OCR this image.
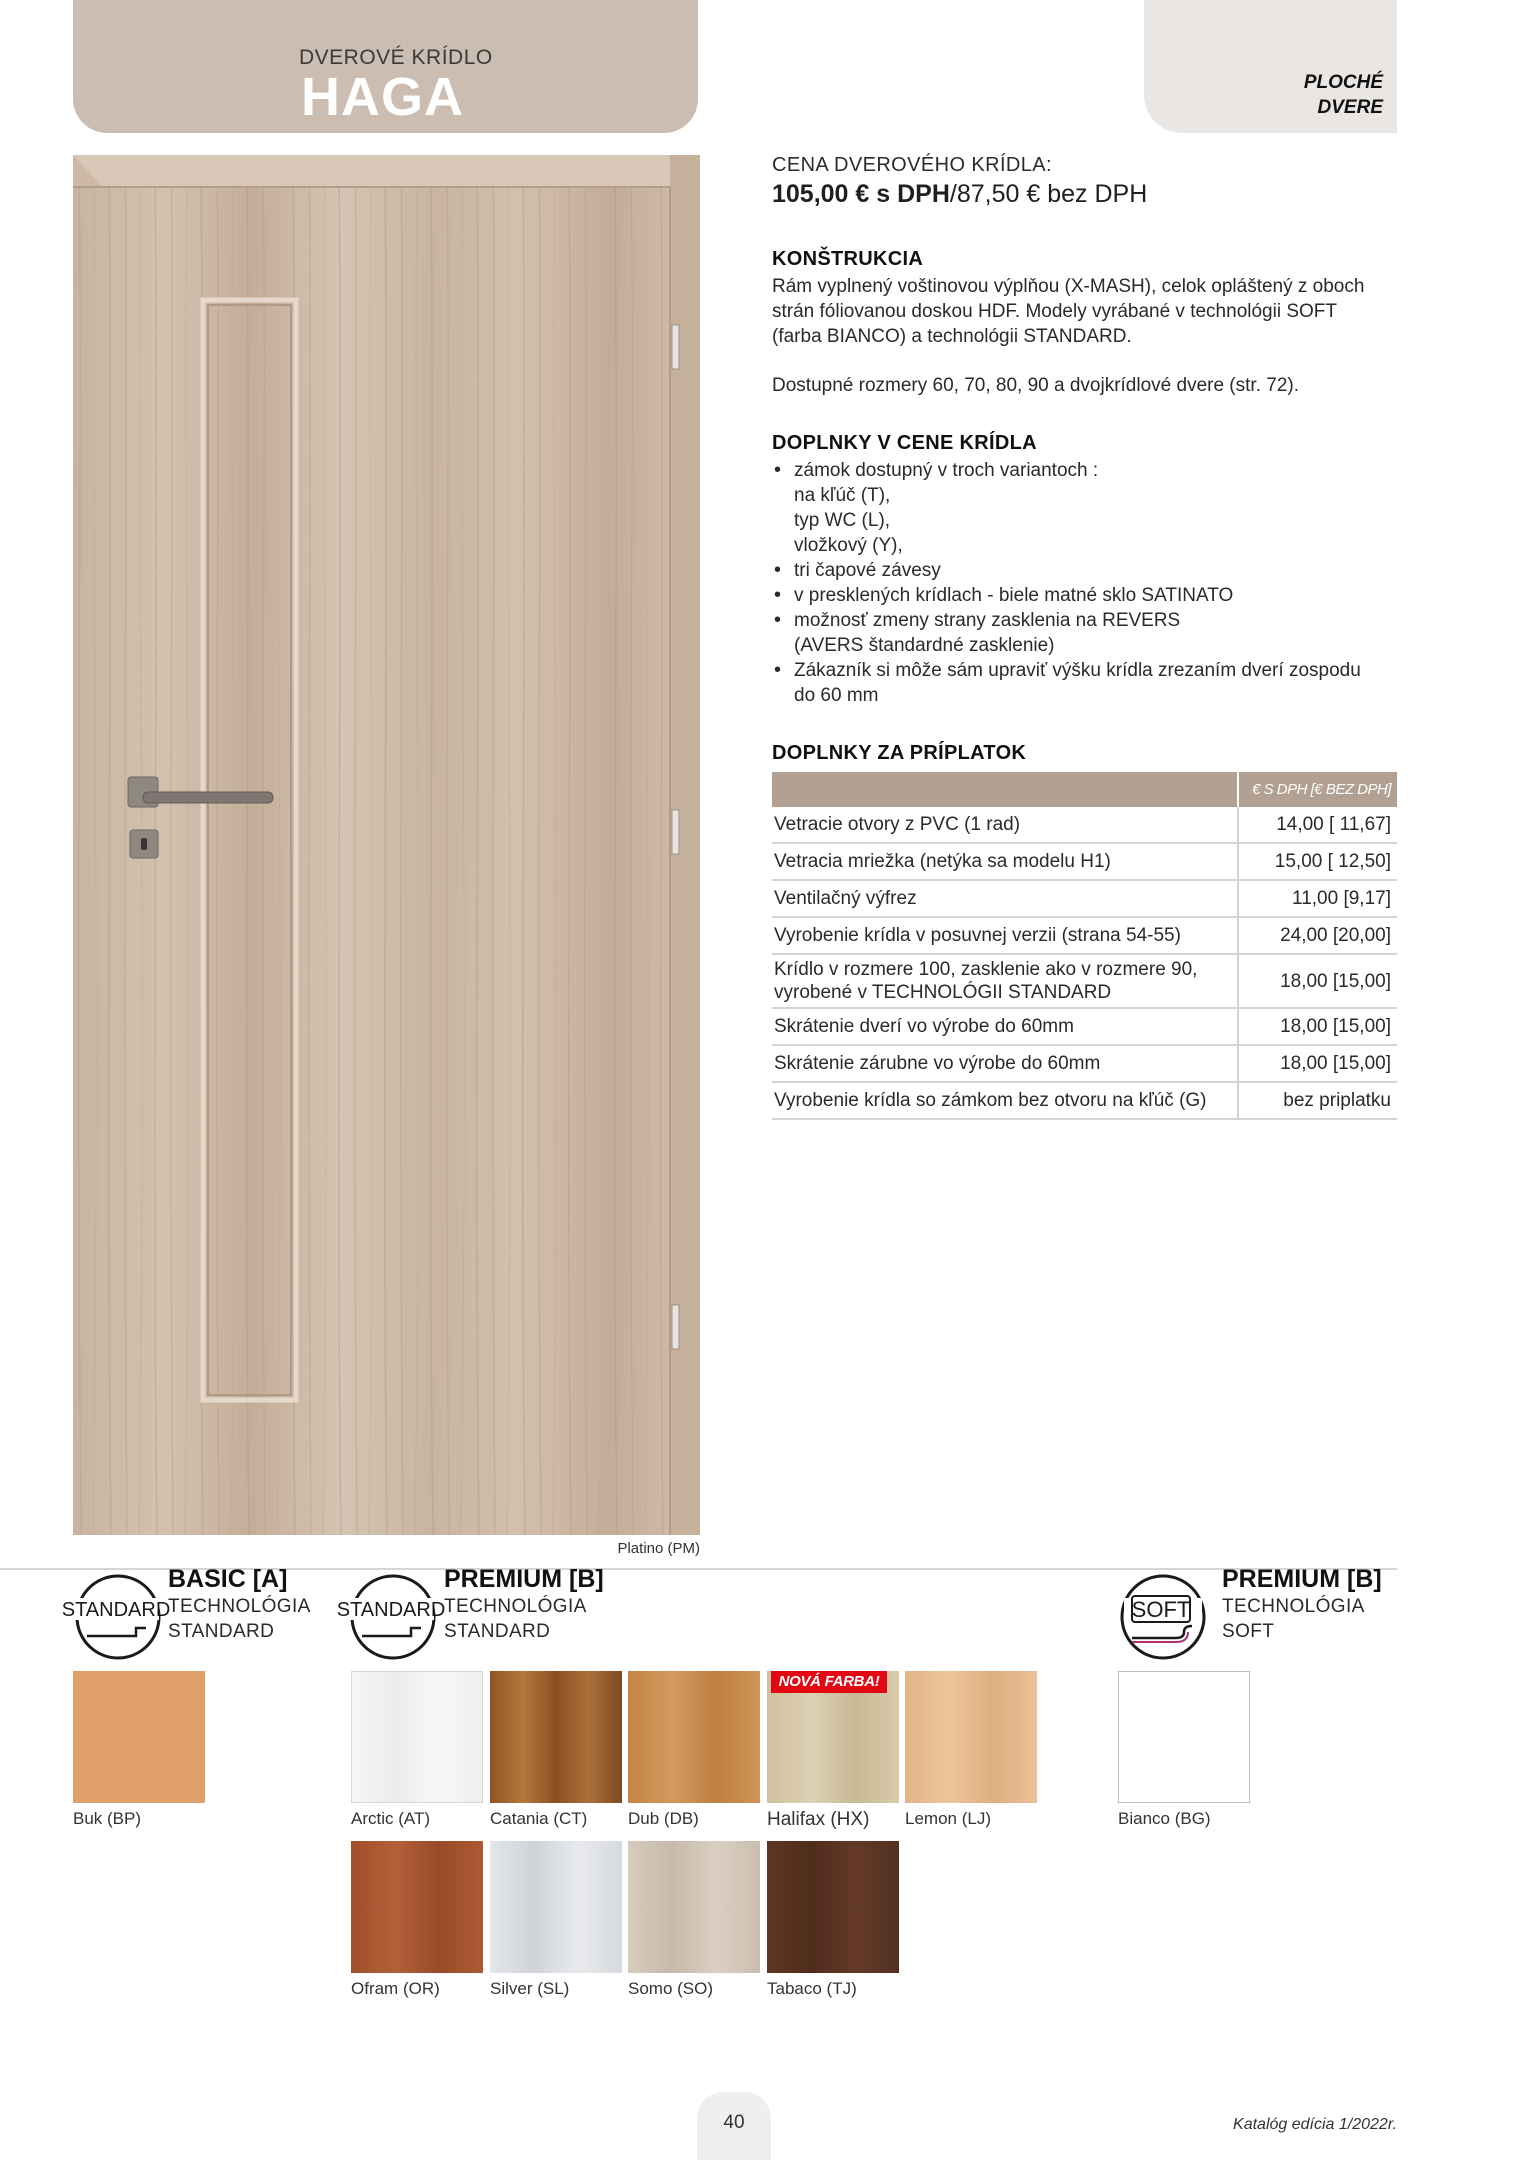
DVEROVÉ KRÍDLO
HAGA	PLOCHÉ
DVERE
Platino (PM)
CENA DVEROVÉHO KRÍDLA:
105,00 € s DPH/87,50 € bez DPH
KONŠTRUKCIA
Rám vyplnený voštinovou výplňou (X-MASH), celok opláštený z oboch
strán fóliovanou doskou HDF. Modely vyrábané v technológii SOFT
(farba BIANCO) a technológii STANDARD.
Dostupné rozmery 60, 70, 80, 90 a dvojkrídlové dvere (str. 72).
DOPLNKY V CENE KRÍDLA
• zámok dostupný v troch variantoch :
na kľúč (T),
typ WC (L),
vložkový (Y),
• tri čapové závesy
• v presklených krídlach - biele matné sklo SATINATO
• možnosť zmeny strany zasklenia na REVERS
(AVERS štandardné zasklenie)
• Zákazník si môže sám upraviť výšku krídla zrezaním dverí zospodu
do 60 mm
DOPLNKY ZA PRÍPLATOK
	€ S DPH [€ BEZ DPH]
Vetracie otvory z PVC (1 rad)	14,00 [ 11,67]
Vetracia mriežka (netýka sa modelu H1)	15,00 [ 12,50]
Ventilačný výfrez	11,00 [9,17]
Vyrobenie krídla v posuvnej verzii (strana 54-55)	24,00 [20,00]

Krídlo v rozmere 100, zasklenie ako v rozmere 90,
vyrobené v TECHNOLÓGII STANDARD	18,00 [15,00]
Skrátenie dverí vo výrobe do 60mm	18,00 [15,00]
Skrátenie zárubne vo výrobe do 60mm	18,00 [15,00]
Vyrobenie krídla so zámkom bez otvoru na kľúč (G)	bez priplatku
STANDARD
BASIC [A]
TECHNOLÓGIA
STANDARD
STANDARD
PREMIUM [B]
TECHNOLÓGIA
STANDARD
SOFT
PREMIUM [B]
TECHNOLÓGIA
SOFT
Buk (BP)	Arctic (AT)	Catania (CT) Dub (DB)
NOVÁ FARBA!
Halifax (HX) Lemon (LJ)	Bianco (BG)
Ofram (OR)	Silver (SL)	Somo (SO)	Tabaco (TJ)
40	Katalóg edícia 1/2022r.
